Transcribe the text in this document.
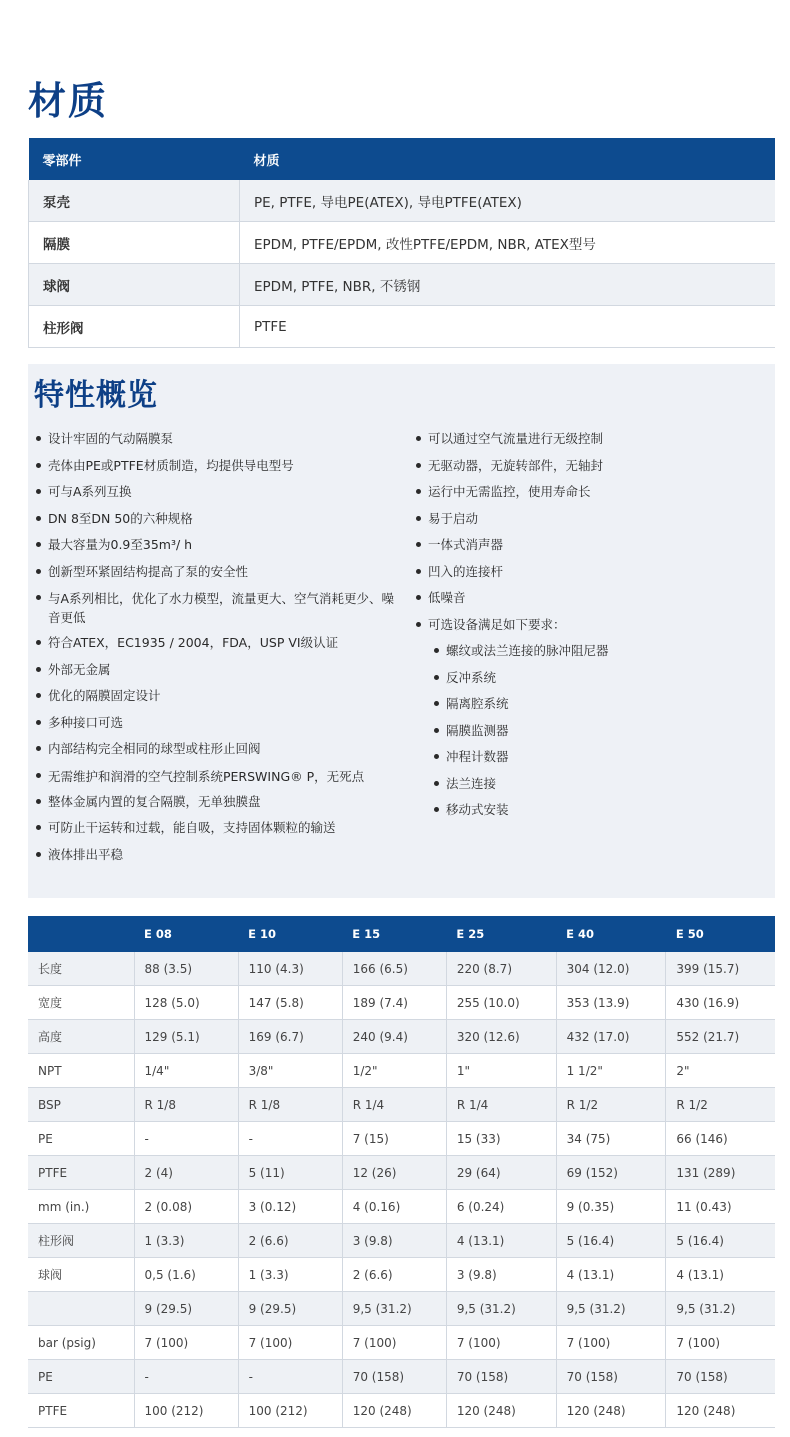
材质
零部件	材质
泵壳	PE, PTFE, 导电PE(ATEX), 导电PTFE(ATEX)
隔膜	EPDM, PTFE/EPDM, 改性PTFE/EPDM, NBR, ATEX型号
球阀	EPDM, PTFE, NBR, 不锈钢
柱形阀	PTFE
特性概览
设计牢固的气动隔膜泵
壳体由PE或PTFE材质制造，均提供导电型号
可与A系列互换
DN 8至DN 50的六种规格
最大容量为0.9至35m³/ h
创新型环紧固结构提高了泵的安全性
与A系列相比，优化了水力模型，流量更大、空气消耗更少、噪音更低
符合ATEX，EC1935 / 2004，FDA，USP VI级认证
外部无金属
优化的隔膜固定设计
多种接口可选
内部结构完全相同的球型或柱形止回阀
无需维护和润滑的空气控制系统PERSWING® P，无死点
整体金属内置的复合隔膜，无单独膜盘
可防止干运转和过载，能自吸，支持固体颗粒的输送
液体排出平稳
可以通过空气流量进行无级控制
无驱动器，无旋转部件，无轴封
运行中无需监控，使用寿命长
易于启动
一体式消声器
凹入的连接杆
低噪音
可选设备满足如下要求：
螺纹或法兰连接的脉冲阻尼器
反冲系统
隔离腔系统
隔膜监测器
冲程计数器
法兰连接
移动式安装
	E 08	E 10	E 15	E 25	E 40	E 50
长度	88 (3.5)	110 (4.3)	166 (6.5)	220 (8.7)	304 (12.0)	399 (15.7)
宽度	128 (5.0)	147 (5.8)	189 (7.4)	255 (10.0)	353 (13.9)	430 (16.9)
高度	129 (5.1)	169 (6.7)	240 (9.4)	320 (12.6)	432 (17.0)	552 (21.7)
NPT	1/4"	3/8"	1/2"	1"	1 1/2"	2"
BSP	R 1/8	R 1/8	R 1/4	R 1/4	R 1/2	R 1/2
PE	-	-	7 (15)	15 (33)	34 (75)	66 (146)
PTFE	2 (4)	5 (11)	12 (26)	29 (64)	69 (152)	131 (289)
mm (in.)	2 (0.08)	3 (0.12)	4 (0.16)	6 (0.24)	9 (0.35)	11 (0.43)
柱形阀	1 (3.3)	2 (6.6)	3 (9.8)	4 (13.1)	5 (16.4)	5 (16.4)
球阀	0,5 (1.6)	1 (3.3)	2 (6.6)	3 (9.8)	4 (13.1)	4 (13.1)
	9 (29.5)	9 (29.5)	9,5 (31.2)	9,5 (31.2)	9,5 (31.2)	9,5 (31.2)
bar (psig)	7 (100)	7 (100)	7 (100)	7 (100)	7 (100)	7 (100)
PE	-	-	70 (158)	70 (158)	70 (158)	70 (158)
PTFE	100 (212)	100 (212)	120 (248)	120 (248)	120 (248)	120 (248)
